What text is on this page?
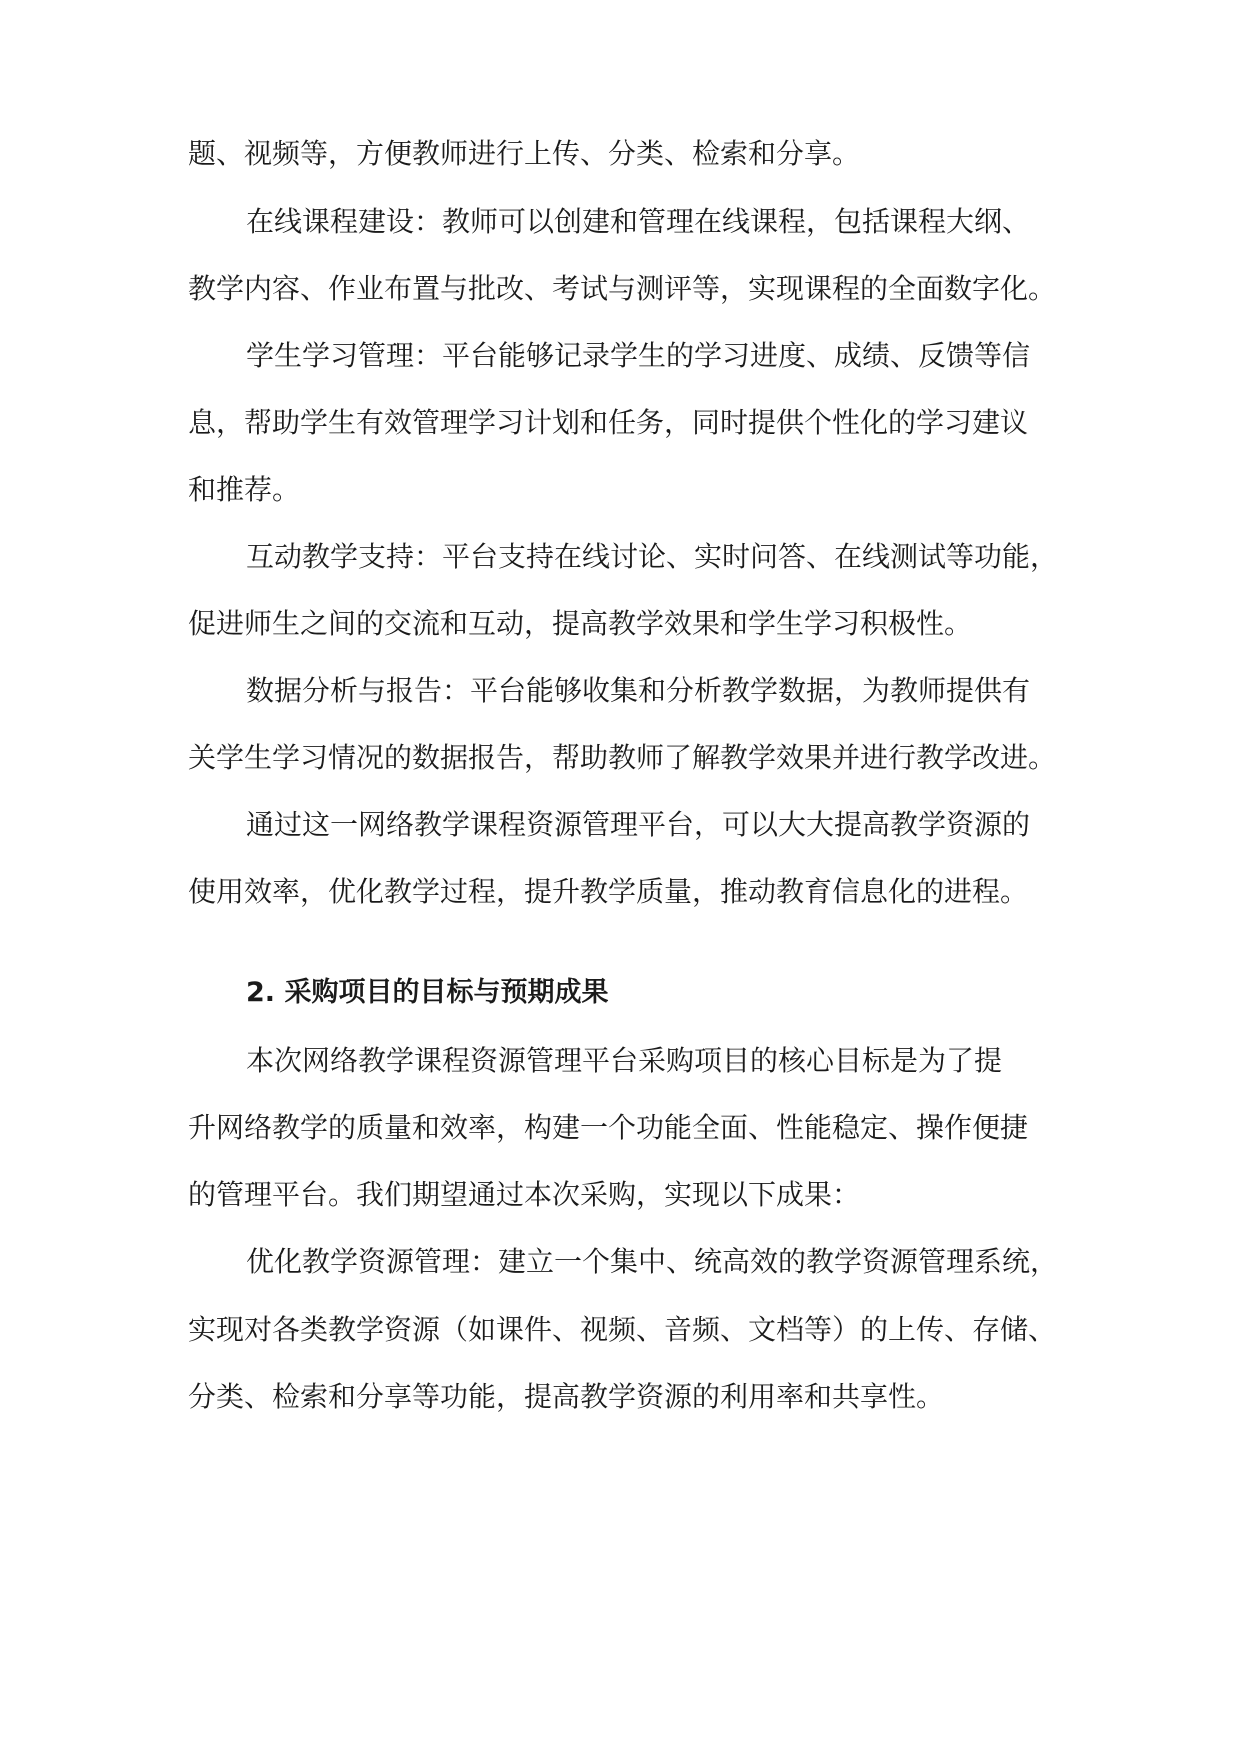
题、视频等，方便教师进行上传、分类、检索和分享。
在线课程建设：教师可以创建和管理在线课程，包括课程大纲、
教学内容、作业布置与批改、考试与测评等，实现课程的全面数字化。
学生学习管理：平台能够记录学生的学习进度、成绩、反馈等信
息，帮助学生有效管理学习计划和任务，同时提供个性化的学习建议
和推荐。
互动教学支持：平台支持在线讨论、实时问答、在线测试等功能，
促进师生之间的交流和互动，提高教学效果和学生学习积极性。
数据分析与报告：平台能够收集和分析教学数据，为教师提供有
关学生学习情况的数据报告，帮助教师了解教学效果并进行教学改进。
通过这一网络教学课程资源管理平台，可以大大提高教学资源的
使用效率，优化教学过程，提升教学质量，推动教育信息化的进程。
2. 采购项目的目标与预期成果
本次网络教学课程资源管理平台采购项目的核心目标是为了提
升网络教学的质量和效率，构建一个功能全面、性能稳定、操作便捷
的管理平台。我们期望通过本次采购，实现以下成果：
优化教学资源管理：建立一个集中、统高效的教学资源管理系统，
实现对各类教学资源（如课件、视频、音频、文档等）的上传、存储、
分类、检索和分享等功能，提高教学资源的利用率和共享性。
